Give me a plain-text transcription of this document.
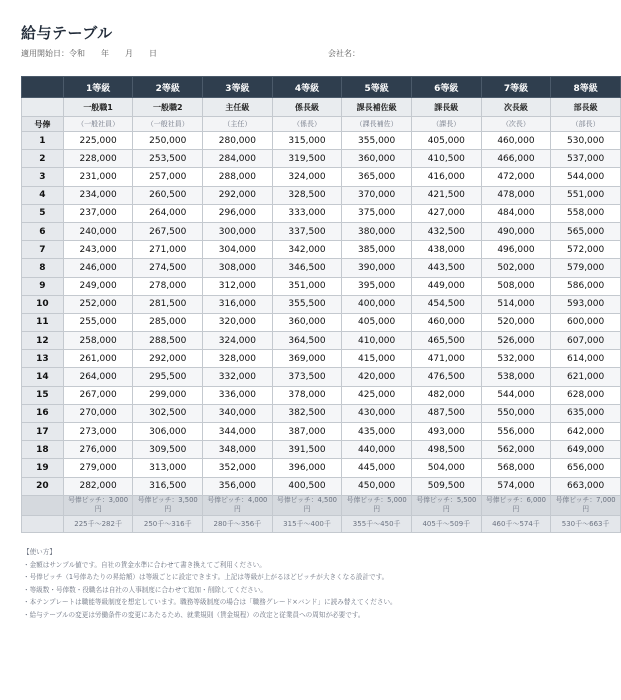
給与テーブル
適用開始日：令和　　年　　月　　日	会社名：
	1等級	2等級	3等級	4等級	5等級	6等級	7等級	8等級
	一般職1	一般職2	主任級	係長級	課長補佐級	課長級	次長級	部長級
号俸	（一般社員）	（一般社員）	（主任）	（係長）	（課長補佐）	（課長）	（次長）	（部長）
1	225,000	250,000	280,000	315,000	355,000	405,000	460,000	530,000
2	228,000	253,500	284,000	319,500	360,000	410,500	466,000	537,000
3	231,000	257,000	288,000	324,000	365,000	416,000	472,000	544,000
4	234,000	260,500	292,000	328,500	370,000	421,500	478,000	551,000
5	237,000	264,000	296,000	333,000	375,000	427,000	484,000	558,000
6	240,000	267,500	300,000	337,500	380,000	432,500	490,000	565,000
7	243,000	271,000	304,000	342,000	385,000	438,000	496,000	572,000
8	246,000	274,500	308,000	346,500	390,000	443,500	502,000	579,000
9	249,000	278,000	312,000	351,000	395,000	449,000	508,000	586,000
10	252,000	281,500	316,000	355,500	400,000	454,500	514,000	593,000
11	255,000	285,000	320,000	360,000	405,000	460,000	520,000	600,000
12	258,000	288,500	324,000	364,500	410,000	465,500	526,000	607,000
13	261,000	292,000	328,000	369,000	415,000	471,000	532,000	614,000
14	264,000	295,500	332,000	373,500	420,000	476,500	538,000	621,000
15	267,000	299,000	336,000	378,000	425,000	482,000	544,000	628,000
16	270,000	302,500	340,000	382,500	430,000	487,500	550,000	635,000
17	273,000	306,000	344,000	387,000	435,000	493,000	556,000	642,000
18	276,000	309,500	348,000	391,500	440,000	498,500	562,000	649,000
19	279,000	313,000	352,000	396,000	445,000	504,000	568,000	656,000
20	282,000	316,500	356,000	400,500	450,000	509,500	574,000	663,000
	号俸ピッチ：3,000円	号俸ピッチ：3,500円	号俸ピッチ：4,000円	号俸ピッチ：4,500円	号俸ピッチ：5,000円	号俸ピッチ：5,500円	号俸ピッチ：6,000円	号俸ピッチ：7,000円
	225千〜282千	250千〜316千	280千〜356千	315千〜400千	355千〜450千	405千〜509千	460千〜574千	530千〜663千
【使い方】
・金額はサンプル値です。自社の賃金水準に合わせて書き換えてご利用ください。
・号俸ピッチ（1号俸あたりの昇給額）は等級ごとに設定できます。上記は等級が上がるほどピッチが大きくなる設計です。
・等級数・号俸数・役職名は自社の人事制度に合わせて追加・削除してください。
・本テンプレートは職能等級制度を想定しています。職務等級制度の場合は「職務グレード×バンド」に読み替えてください。
・給与テーブルの変更は労働条件の変更にあたるため、就業規則（賃金規程）の改定と従業員への周知が必要です。
